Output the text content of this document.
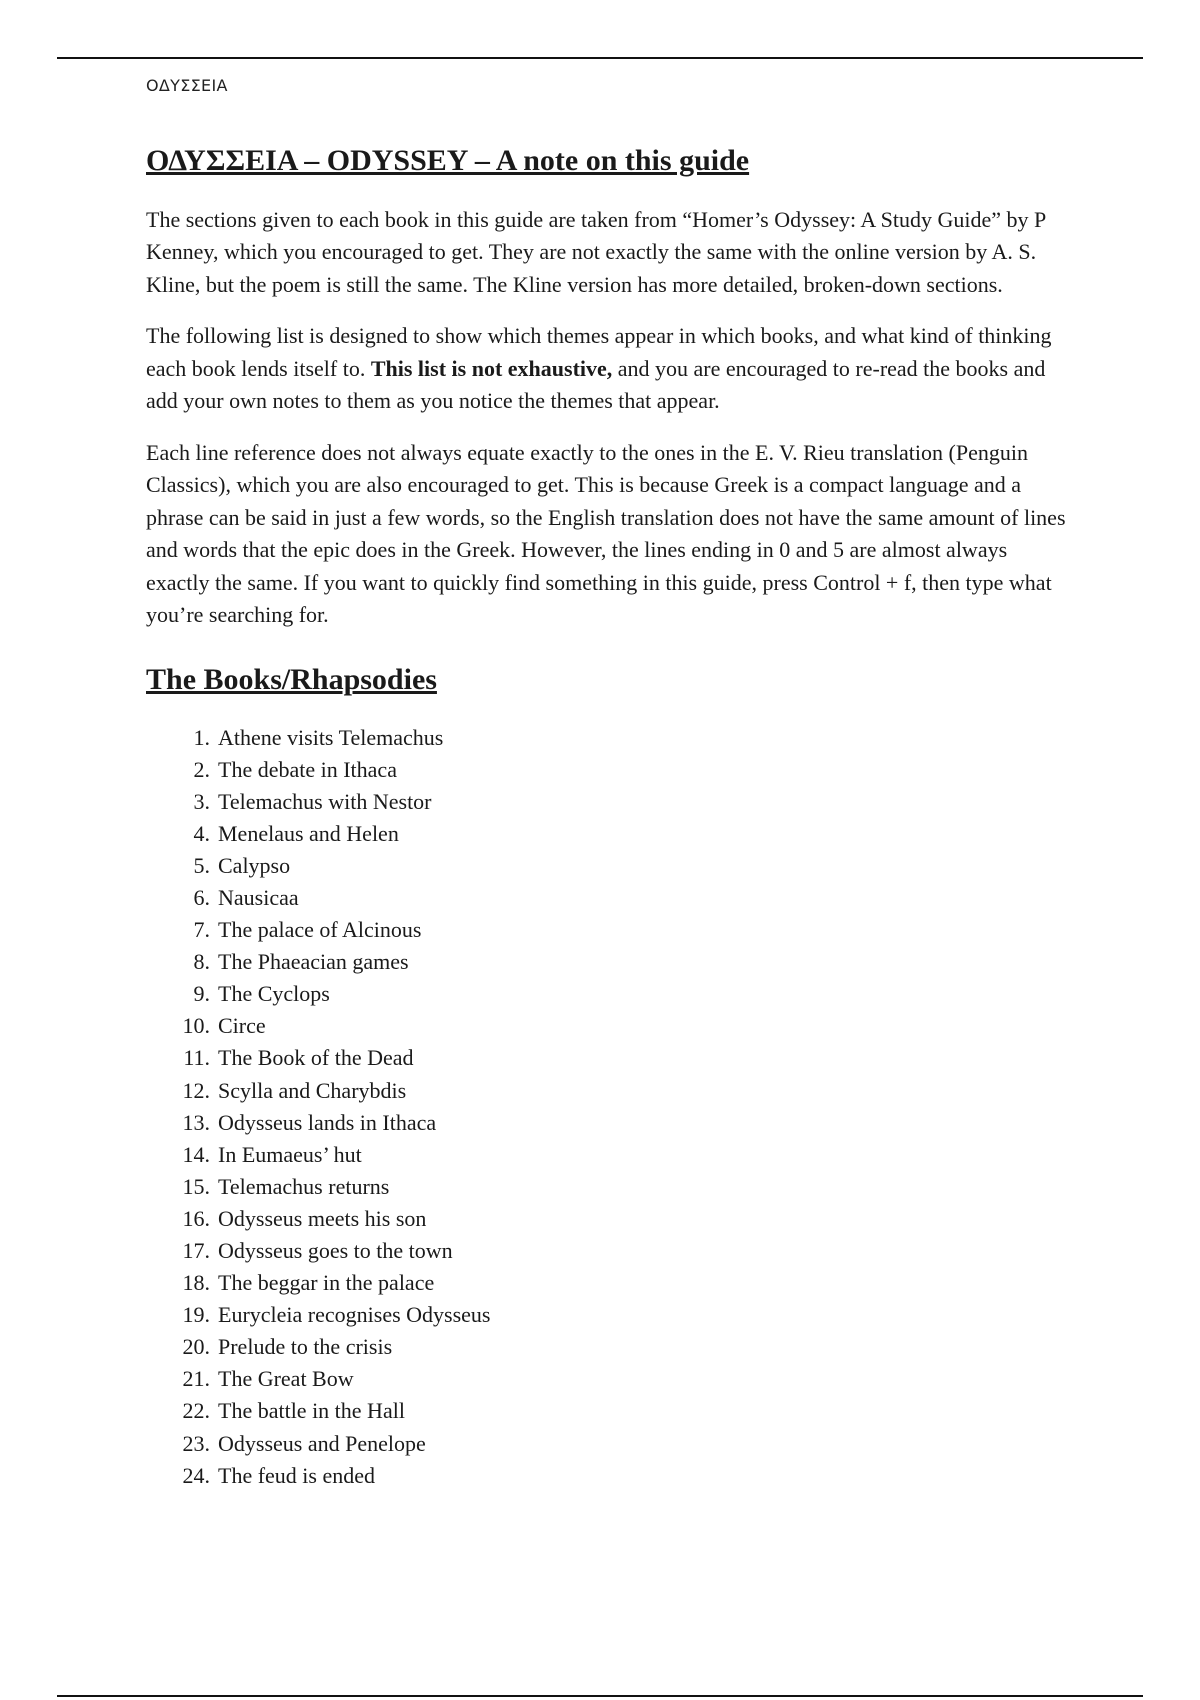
ΟΔΥΣΣΕΙΑ
ΟΔΥΣΣΕΙΑ – ODYSSEY – A note on this guide

The sections given to each book in this guide are taken from “Homer’s Odyssey: A Study Guide” by P Kenney, which you encouraged to get. They are not exactly the same with the online version by A. S. Kline, but the poem is still the same. The Kline version has more detailed, broken-down sections.

The following list is designed to show which themes appear in which books, and what kind of thinking each book lends itself to. This list is not exhaustive, and you are encouraged to re-read the books and add your own notes to them as you notice the themes that appear.

Each line reference does not always equate exactly to the ones in the E. V. Rieu translation (Penguin Classics), which you are also encouraged to get. This is because Greek is a compact language and a phrase can be said in just a few words, so the English translation does not have the same amount of lines and words that the epic does in the Greek. However, the lines ending in 0 and 5 are almost always exactly the same. If you want to quickly find something in this guide, press Control + f, then type what you’re searching for.

The Books/Rhapsodies
1. Athene visits Telemachus
2. The debate in Ithaca
3. Telemachus with Nestor
4. Menelaus and Helen
5. Calypso
6. Nausicaa
7. The palace of Alcinous
8. The Phaeacian games
9. The Cyclops
10. Circe
11. The Book of the Dead
12. Scylla and Charybdis
13. Odysseus lands in Ithaca
14. In Eumaeus’ hut
15. Telemachus returns
16. Odysseus meets his son
17. Odysseus goes to the town
18. The beggar in the palace
19. Eurycleia recognises Odysseus
20. Prelude to the crisis
21. The Great Bow
22. The battle in the Hall
23. Odysseus and Penelope
24. The feud is ended
